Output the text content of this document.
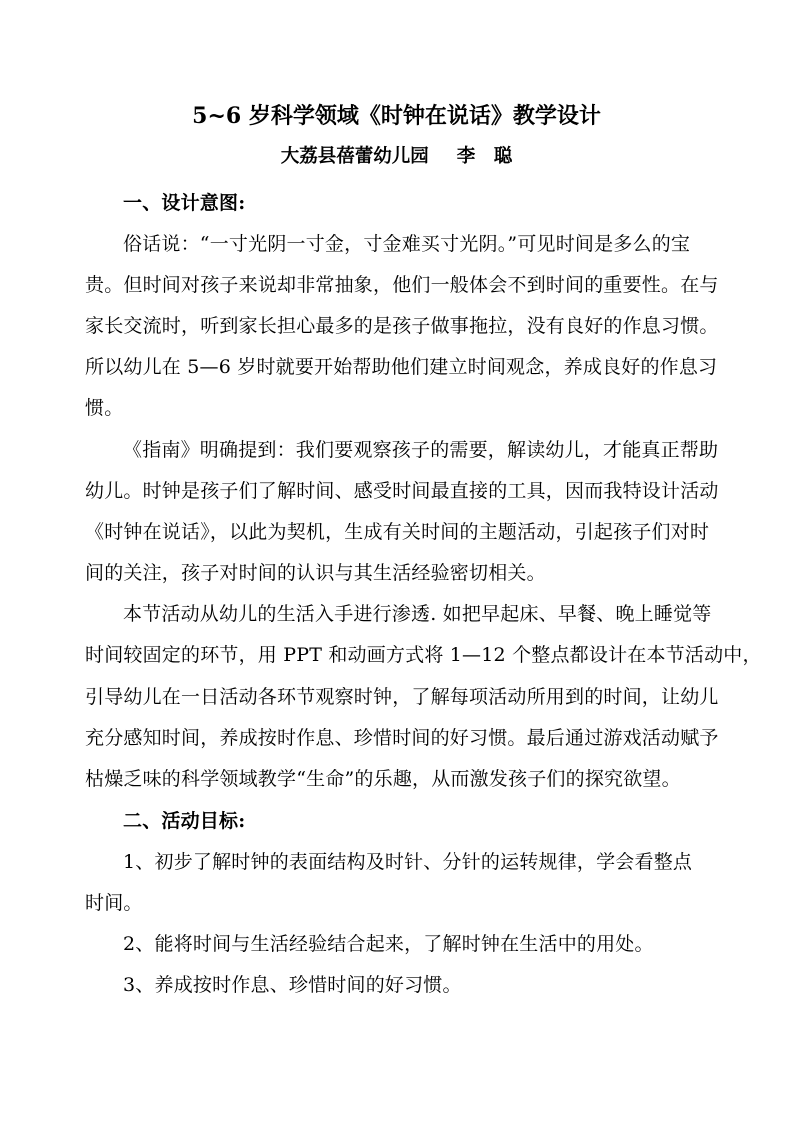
5~6 岁科学领域《时钟在说话》教学设计
大荔县蓓蕾幼儿园 李　聪
一、设计意图:
俗话说：“一寸光阴一寸金，寸金难买寸光阴。”可见时间是多么的宝
贵。但时间对孩子来说却非常抽象，他们一般体会不到时间的重要性。在与
家长交流时，听到家长担心最多的是孩子做事拖拉，没有良好的作息习惯。
所以幼儿在 5—6 岁时就要开始帮助他们建立时间观念，养成良好的作息习
惯。
《指南》明确提到：我们要观察孩子的需要，解读幼儿，才能真正帮助
幼儿。时钟是孩子们了解时间、感受时间最直接的工具，因而我特设计活动
《时钟在说话》，以此为契机，生成有关时间的主题活动，引起孩子们对时
间的关注，孩子对时间的认识与其生活经验密切相关。
本节活动从幼儿的生活入手进行渗透. 如把早起床、早餐、晚上睡觉等
时间较固定的环节，用 PPT 和动画方式将 1—12 个整点都设计在本节活动中，
引导幼儿在一日活动各环节观察时钟，了解每项活动所用到的时间，让幼儿
充分感知时间，养成按时作息、珍惜时间的好习惯。最后通过游戏活动赋予
枯燥乏味的科学领域教学“生命”的乐趣，从而激发孩子们的探究欲望。
二、活动目标:
1、初步了解时钟的表面结构及时针、分针的运转规律，学会看整点
时间。
2、能将时间与生活经验结合起来，了解时钟在生活中的用处。
3、养成按时作息、珍惜时间的好习惯。
